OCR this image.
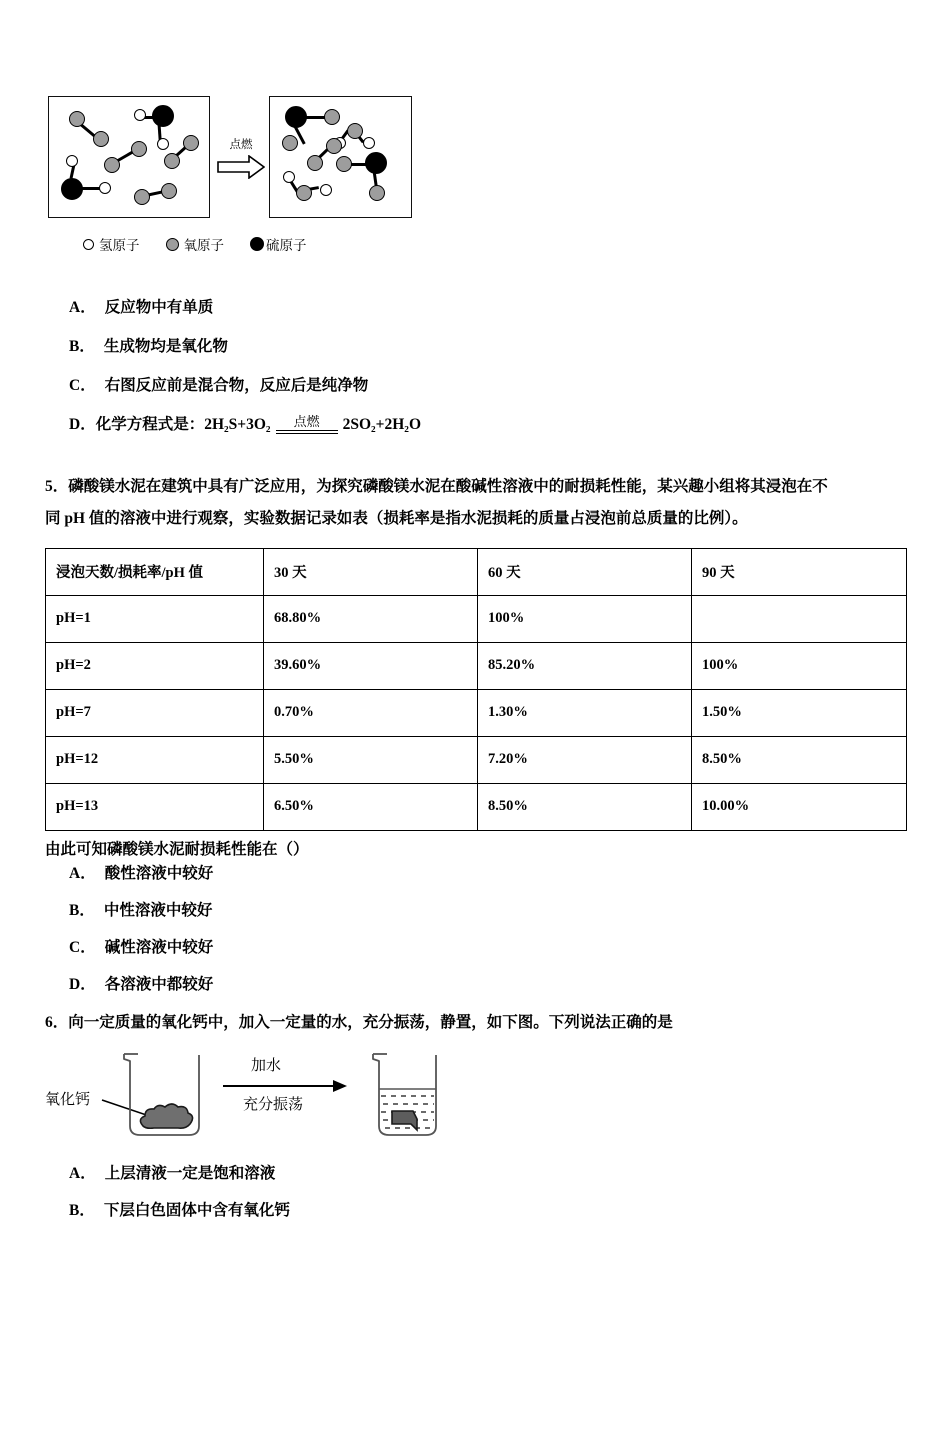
点燃
氢原子	氧原子	硫原子

A． 反应物中有单质

B． 生成物均是氧化物

C． 右图反应前是混合物，反应后是纯净物

D． 化学方程式是： 2H₂S+3O₂ 点燃 2SO₂+2H₂O

5．磷酸镁水泥在建筑中具有广泛应用，为探究磷酸镁水泥在酸碱性溶液中的耐损耗性能，某兴趣小组将其浸泡在不

同 pH 值的溶液中进行观察，实验数据记录如表（损耗率是指水泥损耗的质量占浸泡前总质量的比例）。

浸泡天数/损耗率/pH 值	30 天	60 天	90 天
pH=1	68.80%	100%	
pH=2	39.60%	85.20%	100%
pH=7	0.70%	1.30%	1.50%
pH=12	5.50%	7.20%	8.50%
pH=13	6.50%	8.50%	10.00%

由此可知磷酸镁水泥耐损耗性能在（）

A． 酸性溶液中较好

B． 中性溶液中较好

C． 碱性溶液中较好

D． 各溶液中都较好

6．向一定质量的氧化钙中，加入一定量的水，充分振荡，静置，如下图。下列说法正确的是

氧化钙
加水
充分振荡

A． 上层清液一定是饱和溶液

B． 下层白色固体中含有氧化钙
